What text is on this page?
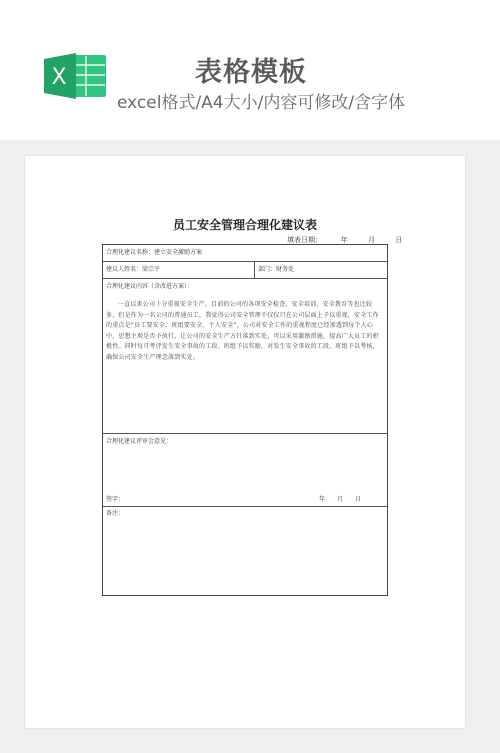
X	表格模板
excel格式/A4大小/内容可修改/含字体
员工安全管理合理化建议表
填表日期：	年	月	日
合理化建议名称：建立安全激励方案
建议人姓名：梁宗平	部门：财务处
合理化建议内容（含改进方案）：
一直以来公司十分重视安全生产，目前的公司的各项安全检查、安全培训、安全教育等也比较多，但是作为一名公司的普通员工，我觉得公司安全管理不仅仅只在公司层面上予以重视，安全工作的重点是“员工要安全、班组要安全、个人安全”，公司对安全工作的重视程度已经渗透到每个人心中，思想主观是否予执行，让公司的安全生产方针落到实处，可以采用激励措施，提高广大员工的积极性。同时每月考评发生安全事故的工段、班组予以奖励，对发生安全事故的工段、班组予以考核，确保公司安全生产理念落到实处。
合理化建议评审会意见：
签字：	年 月 日
备注：
